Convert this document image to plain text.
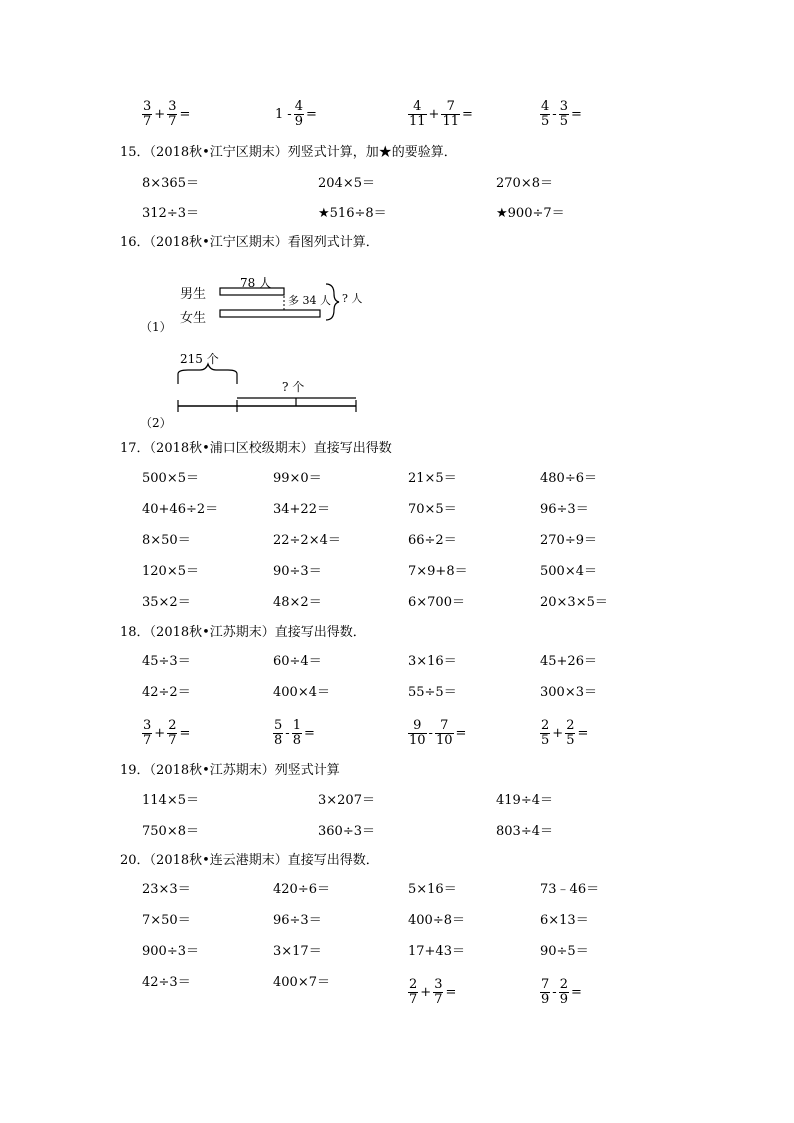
$\frac{3}{7} + \frac{3}{7}$ =	$1 - \frac{4}{9}$ =	$\frac{4}{11} + \frac{7}{11}$ =	$\frac{4}{5} - \frac{3}{5}$ =
15．（2018秋•江宁区期末）列竖式计算，加★的要验算．
8×365＝	204×5＝	270×8＝
312÷3＝	★516÷8＝	★900÷7＝
16．（2018秋•江宁区期末）看图列式计算．
男生
女生
78 人
多 34 人 ? 人
（1）
215 个
? 个
（2）
17．（2018秋•浦口区校级期末）直接写出得数
500×5＝	99×0＝	21×5＝	480÷6＝
40+46÷2＝	34+22＝	70×5＝	96÷3＝
8×50＝	22÷2×4＝	66÷2＝	270÷9＝
120×5＝	90÷3＝	7×9+8＝	500×4＝
35×2＝	48×2＝	6×700＝	20×3×5＝
18．（2018秋•江苏期末）直接写出得数．
45÷3＝	60÷4＝	3×16＝	45+26＝
42÷2＝	400×4＝	55÷5＝	300×3＝
$\frac{3}{7} + \frac{2}{7}$ =	$\frac{5}{8} - \frac{1}{8}$ =	$\frac{9}{10} - \frac{7}{10}$ =	$\frac{2}{5} + \frac{2}{5}$ =
19．（2018秋•江苏期末）列竖式计算
114×5＝	3×207＝	419÷4＝
750×8＝	360÷3＝	803÷4＝
20．（2018秋•连云港期末）直接写出得数．
23×3＝	420÷6＝	5×16＝	73﹣46＝
7×50＝	96÷3＝	400÷8＝	6×13＝
900÷3＝	3×17＝	17+43＝	90÷5＝
42÷3＝	400×7＝	$\frac{2}{7} + \frac{3}{7}$ =	$\frac{7}{9} - \frac{2}{9}$ =
